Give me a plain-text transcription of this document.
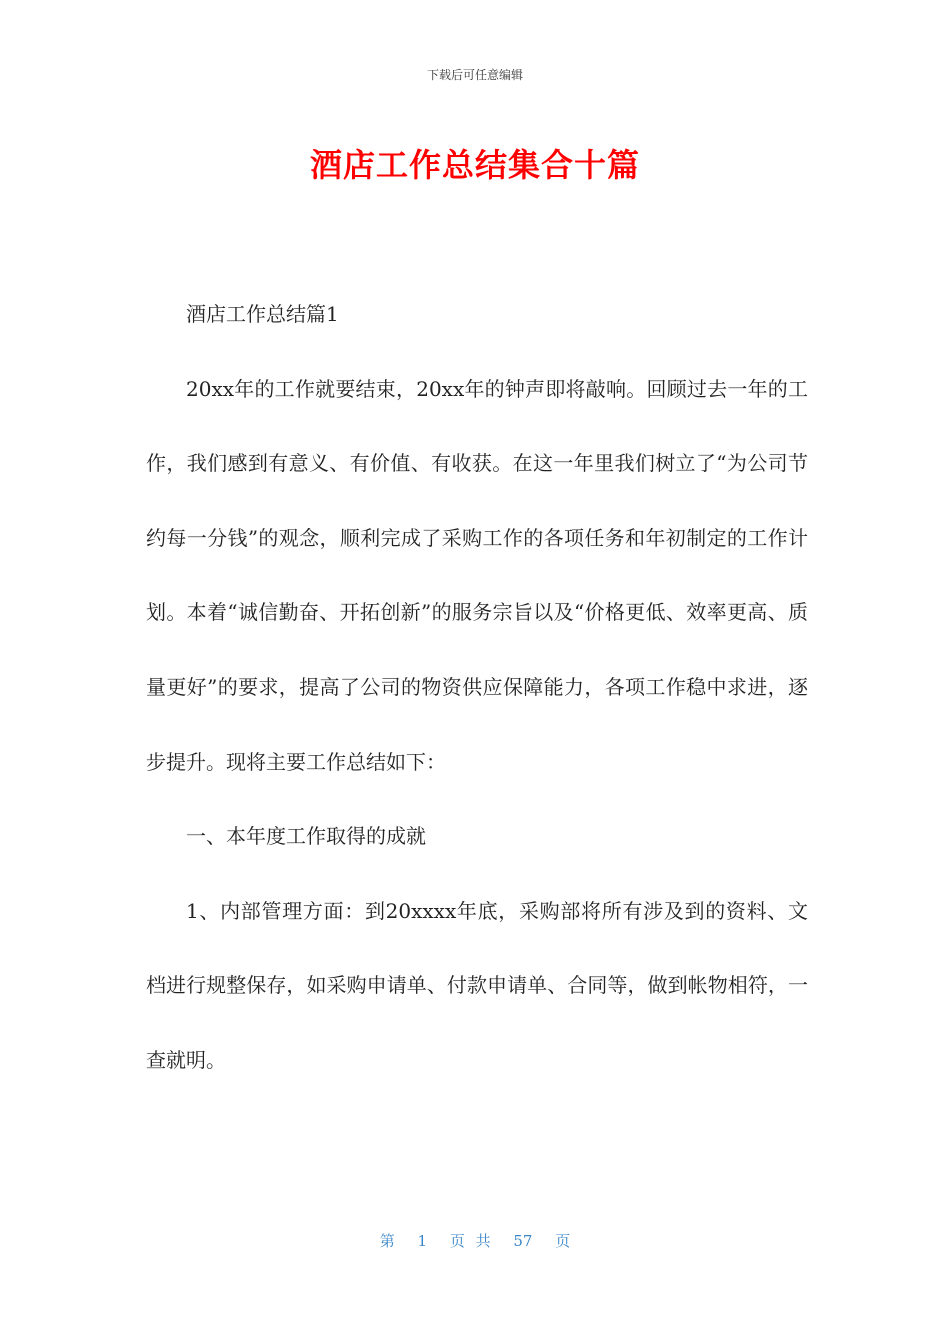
下载后可任意编辑
酒店工作总结集合十篇

酒店工作总结篇1

20xx年的工作就要结束，20xx年的钟声即将敲响。回顾过去一年的工作，我们感到有意义、有价值、有收获。在这一年里我们树立了“为公司节约每一分钱”的观念，顺利完成了采购工作的各项任务和年初制定的工作计划。本着“诚信勤奋、开拓创新”的服务宗旨以及“价格更低、效率更高、质量更好”的要求，提高了公司的物资供应保障能力，各项工作稳中求进，逐步提升。现将主要工作总结如下：

一、本年度工作取得的成就

1、内部管理方面：到20xxxx年底，采购部将所有涉及到的资料、文档进行规整保存，如采购申请单、付款申请单、合同等，做到帐物相符，一查就明。

第 1 页 共 57 页
